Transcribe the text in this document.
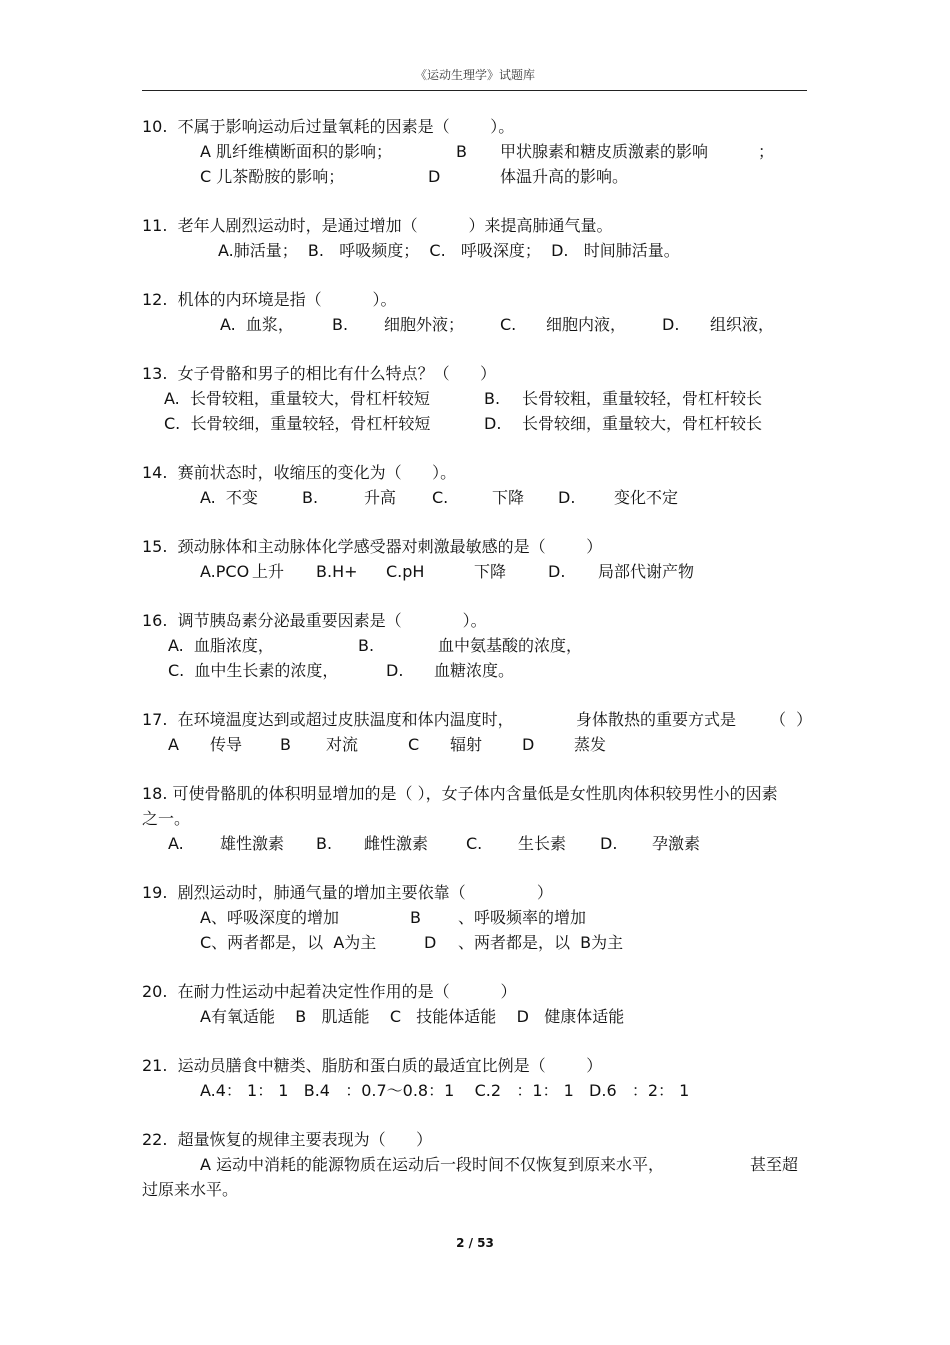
《运动生理学》试题库
10.  不属于影响运动后过量氧耗的因素是（        ）。

A 肌纤维横断面积的影响；

	B

甲状腺素和糖皮质激素的影响

	；

C 儿茶酚胺的影响；

	D

	体温升高的影响。

11.  老年人剧烈运动时，是通过增加（          ）来提高肺通气量。
A.肺活量；  B.   呼吸频度；  C.   呼吸深度；  D.   时间肺活量。
12.  机体的内环境是指（          ）。

A.  血浆，

B.

细胞外液；

C.

细胞内液，

D.

组织液，

13.  女子骨骼和男子的相比有什么特点？（      ）

A.  长骨较粗，重量较大，骨杠杆较短

	B.

长骨较粗，重量较轻，骨杠杆较长

C.  长骨较细，重量较轻，骨杠杆较短

	D.

长骨较细，重量较大，骨杠杆较长

14.  赛前状态时，收缩压的变化为（      ）。

A.  不变

	B.

	升高

C.

	下降

D.

变化不定

15.  颈动脉体和主动脉体化学感受器对刺激最敏感的是（        ）

A.PCO

上升

B.H+

C.pH

	下降

	D.

局部代谢产物

16.  调节胰岛素分泌最重要因素是（            ）。

A.  血脂浓度，

	B.

	血中氨基酸的浓度，

C.  血中生长素的浓度，

	D.

血糖浓度。

17.  在环境温度达到或超过皮肤温度和体内温度时，

	身体散热的重要方式是

（  ）

A

传导

B

对流

	C

辐射

D

蒸发

18. 可使骨骼肌的体积明显增加的是（ ），女子体内含量低是女性肌肉体积较男性小的因素之一。

A.

雄性激素

B.

雌性激素

C.

生长素

D.

孕激素

19.  剧烈运动时，肺通气量的增加主要依靠（              ）

A、呼吸深度的增加

	B

、呼吸频率的增加

C、两者都是，以  A为主

	D

、两者都是，以  B为主

20.  在耐力性运动中起着决定性作用的是（          ）
A有氧适能    B   肌适能    C   技能体适能    D   健康体适能
21.  运动员膳食中糖类、脂肪和蛋白质的最适宜比例是（        ）
A.4： 1： 1   B.4   ：0.7～0.8：1    C.2   ：1： 1   D.6   ：2： 1
22.  超量恢复的规律主要表现为（      ）

A 运动中消耗的能源物质在运动后一段时间不仅恢复到原来水平，

	甚至超

过原来水平。
2 / 53
